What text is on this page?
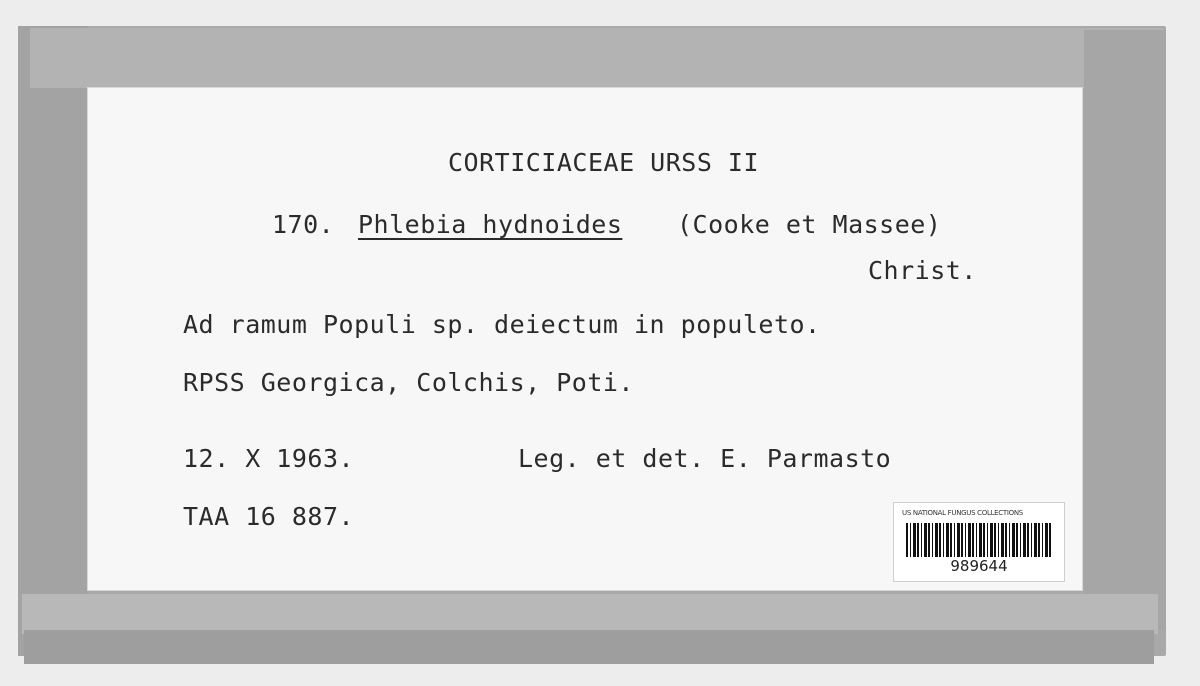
CORTICIACEAE URSS II
170. Phlebia hydnoides (Cooke et Massee)
Christ.
Ad ramum Populi sp. deiectum in populeto.
RPSS Georgica, Colchis, Poti.
12. X 1963.	Leg. et det. E. Parmasto
TAA 16 887.	US NATIONAL FUNGUS COLLECTIONS
989644
